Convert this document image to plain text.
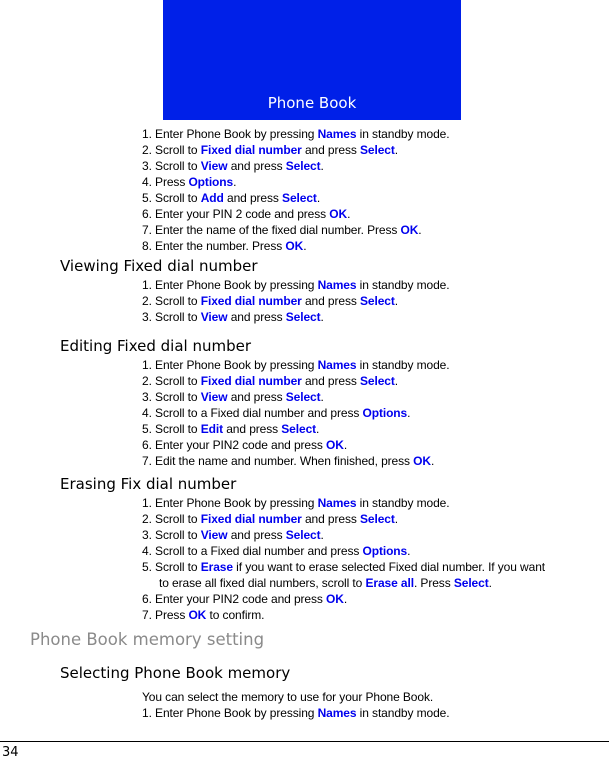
Phone Book
1. Enter Phone Book by pressing Names in standby mode.
2. Scroll to Fixed dial number and press Select.
3. Scroll to View and press Select.
4. Press Options.
5. Scroll to Add and press Select.
6. Enter your PIN 2 code and press OK.
7. Enter the name of the fixed dial number. Press OK.
8. Enter the number. Press OK.
Viewing Fixed dial number
1. Enter Phone Book by pressing Names in standby mode.
2. Scroll to Fixed dial number and press Select.
3. Scroll to View and press Select.
Editing Fixed dial number
1. Enter Phone Book by pressing Names in standby mode.
2. Scroll to Fixed dial number and press Select.
3. Scroll to View and press Select.
4. Scroll to a Fixed dial number and press Options.
5. Scroll to Edit and press Select.
6. Enter your PIN2 code and press OK.
7. Edit the name and number. When finished, press OK.
Erasing Fix dial number
1. Enter Phone Book by pressing Names in standby mode.
2. Scroll to Fixed dial number and press Select.
3. Scroll to View and press Select.
4. Scroll to a Fixed dial number and press Options.
5. Scroll to Erase if you want to erase selected Fixed dial number. If you want
to erase all fixed dial numbers, scroll to Erase all. Press Select.
6. Enter your PIN2 code and press OK.
7. Press OK to confirm.
Phone Book memory setting
Selecting Phone Book memory
You can select the memory to use for your Phone Book.
1. Enter Phone Book by pressing Names in standby mode.
34
